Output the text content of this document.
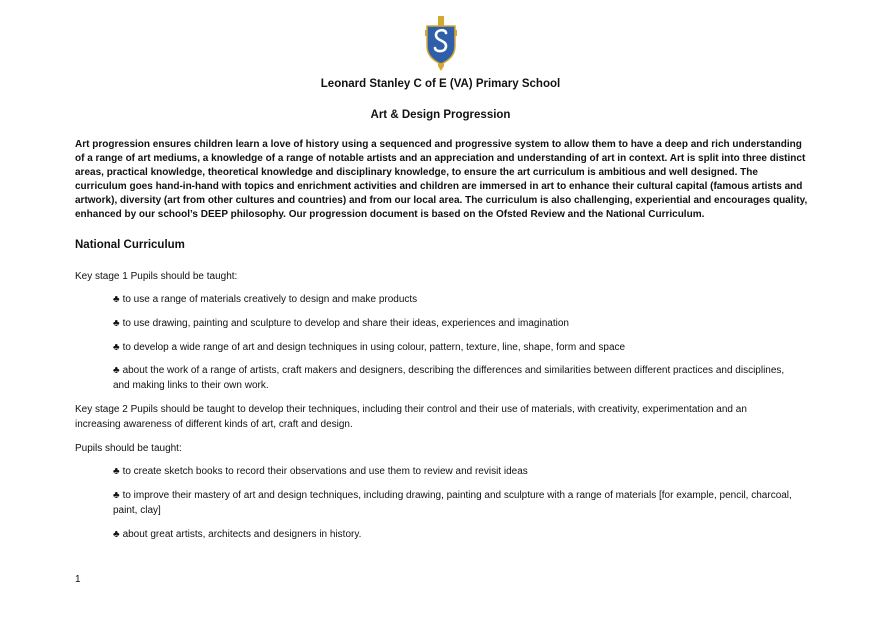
Leonard Stanley C of E (VA) Primary School
Art & Design Progression

Art progression ensures children learn a love of history using a sequenced and progressive system to allow them to have a deep and rich understanding of a range of art mediums, a knowledge of a range of notable artists and an appreciation and understanding of art in context. Art is split into three distinct areas, practical knowledge, theoretical knowledge and disciplinary knowledge, to ensure the art curriculum is ambitious and well designed. The curriculum goes hand-in-hand with topics and enrichment activities and children are immersed in art to enhance their cultural capital (famous artists and artwork), diversity (art from other cultures and countries) and from our local area. The curriculum is also challenging, experiential and encourages quality, enhanced by our school’s DEEP philosophy. Our progression document is based on the Ofsted Review and the National Curriculum.

National Curriculum

Key stage 1 Pupils should be taught:

♣ to use a range of materials creatively to design and make products

♣ to use drawing, painting and sculpture to develop and share their ideas, experiences and imagination

♣ to develop a wide range of art and design techniques in using colour, pattern, texture, line, shape, form and space

♣ about the work of a range of artists, craft makers and designers, describing the differences and similarities between different practices and disciplines, and making links to their own work.

Key stage 2 Pupils should be taught to develop their techniques, including their control and their use of materials, with creativity, experimentation and an increasing awareness of different kinds of art, craft and design.

Pupils should be taught:

♣ to create sketch books to record their observations and use them to review and revisit ideas

♣ to improve their mastery of art and design techniques, including drawing, painting and sculpture with a range of materials [for example, pencil, charcoal, paint, clay]

♣ about great artists, architects and designers in history.

1
